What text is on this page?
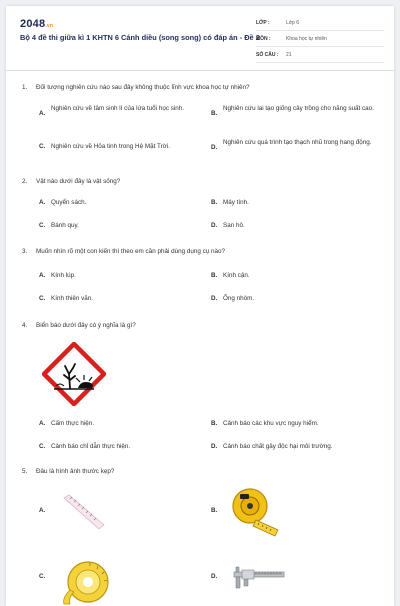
2048.vn
Bộ 4 đề thi giữa kì 1 KHTN 6 Cánh diều (song song) có đáp án - Đề 2
LỚP :	Lớp 6
MÔN :	Khoa học tự nhiên
SỐ CÂU :	21
1.	Đối tượng nghiên cứu nào sau đây không thuộc lĩnh vực khoa học tự nhiên?
A.
Nghiên cứu về tâm sinh lí của lứa tuổi học sinh.
B.
Nghiên cứu lai tạo giống cây trồng cho năng suất cao.
C. Nghiên cứu về Hỏa tinh trong Hệ Mặt Trời.	D.
Nghiên cứu quá trình tạo thạch nhũ trong hang động.
2.	Vật nào dưới đây là vật sống?
A. Quyển sách.	B. Máy tính.
C. Bánh quy.	D. San hô.
3.	Muốn nhìn rõ một con kiến thì theo em cần phải dùng dụng cụ nào?
A. Kính lúp.	B. Kính cận.
C. Kính thiên văn.	D. Ống nhòm.
4.	Biển báo dưới đây có ý nghĩa là gì?
A. Cấm thực hiện.	B. Cảnh báo các khu vực nguy hiểm.
C. Cảnh báo chỉ dẫn thực hiện.	D. Cảnh báo chất gây độc hại môi trường.
5.	Đâu là hình ảnh thước kẹp?
A.	B.
C.	D.
